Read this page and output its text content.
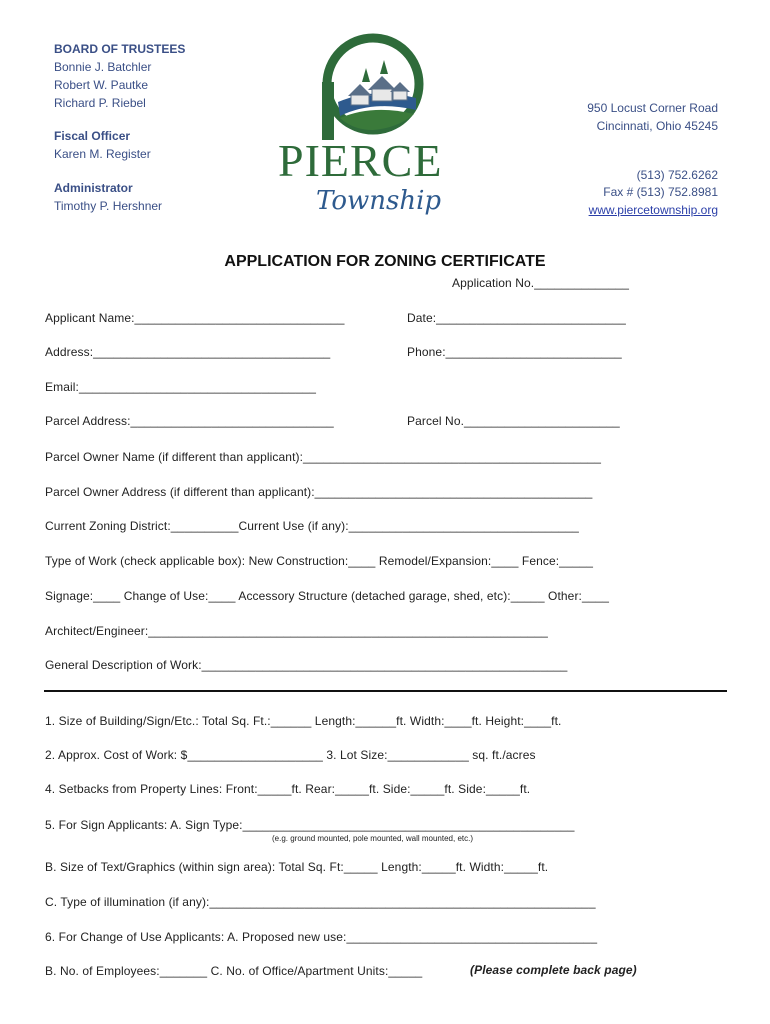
BOARD OF TRUSTEES
Bonnie J. Batchler
Robert W. Pautke
Richard P. Riebel
Fiscal Officer
Karen M. Register
Administrator
Timothy P. Hershner
PIERCE
Township
950 Locust Corner Road
Cincinnati, Ohio 45245
(513) 752.6262
Fax # (513) 752.8981
www.piercetownship.org
APPLICATION FOR ZONING CERTIFICATE
Application No.______________
Applicant Name:_______________________________	Date:____________________________
Address:___________________________________	Phone:__________________________
Email:___________________________________
Parcel Address:______________________________	Parcel No._______________________
Parcel Owner Name (if different than applicant):____________________________________________
Parcel Owner Address (if different than applicant):_________________________________________
Current Zoning District:__________Current Use (if any):__________________________________
Type of Work (check applicable box): New Construction:____ Remodel/Expansion:____ Fence:_____
Signage:____ Change of Use:____ Accessory Structure (detached garage, shed, etc):_____ Other:____
Architect/Engineer:___________________________________________________________
General Description of Work:______________________________________________________
1. Size of Building/Sign/Etc.: Total Sq. Ft.:______ Length:______ft. Width:____ft. Height:____ft.
2. Approx. Cost of Work: $____________________ 3. Lot Size:____________ sq. ft./acres
4. Setbacks from Property Lines: Front:_____ft. Rear:_____ft. Side:_____ft. Side:_____ft.
5. For Sign Applicants: A. Sign Type:_________________________________________________
(e.g. ground mounted, pole mounted, wall mounted, etc.)
B. Size of Text/Graphics (within sign area): Total Sq. Ft:_____ Length:_____ft. Width:_____ft.
C. Type of illumination (if any):_________________________________________________________
6. For Change of Use Applicants: A. Proposed new use:_____________________________________
B. No. of Employees:_______ C. No. of Office/Apartment Units:_____	(Please complete back page)
